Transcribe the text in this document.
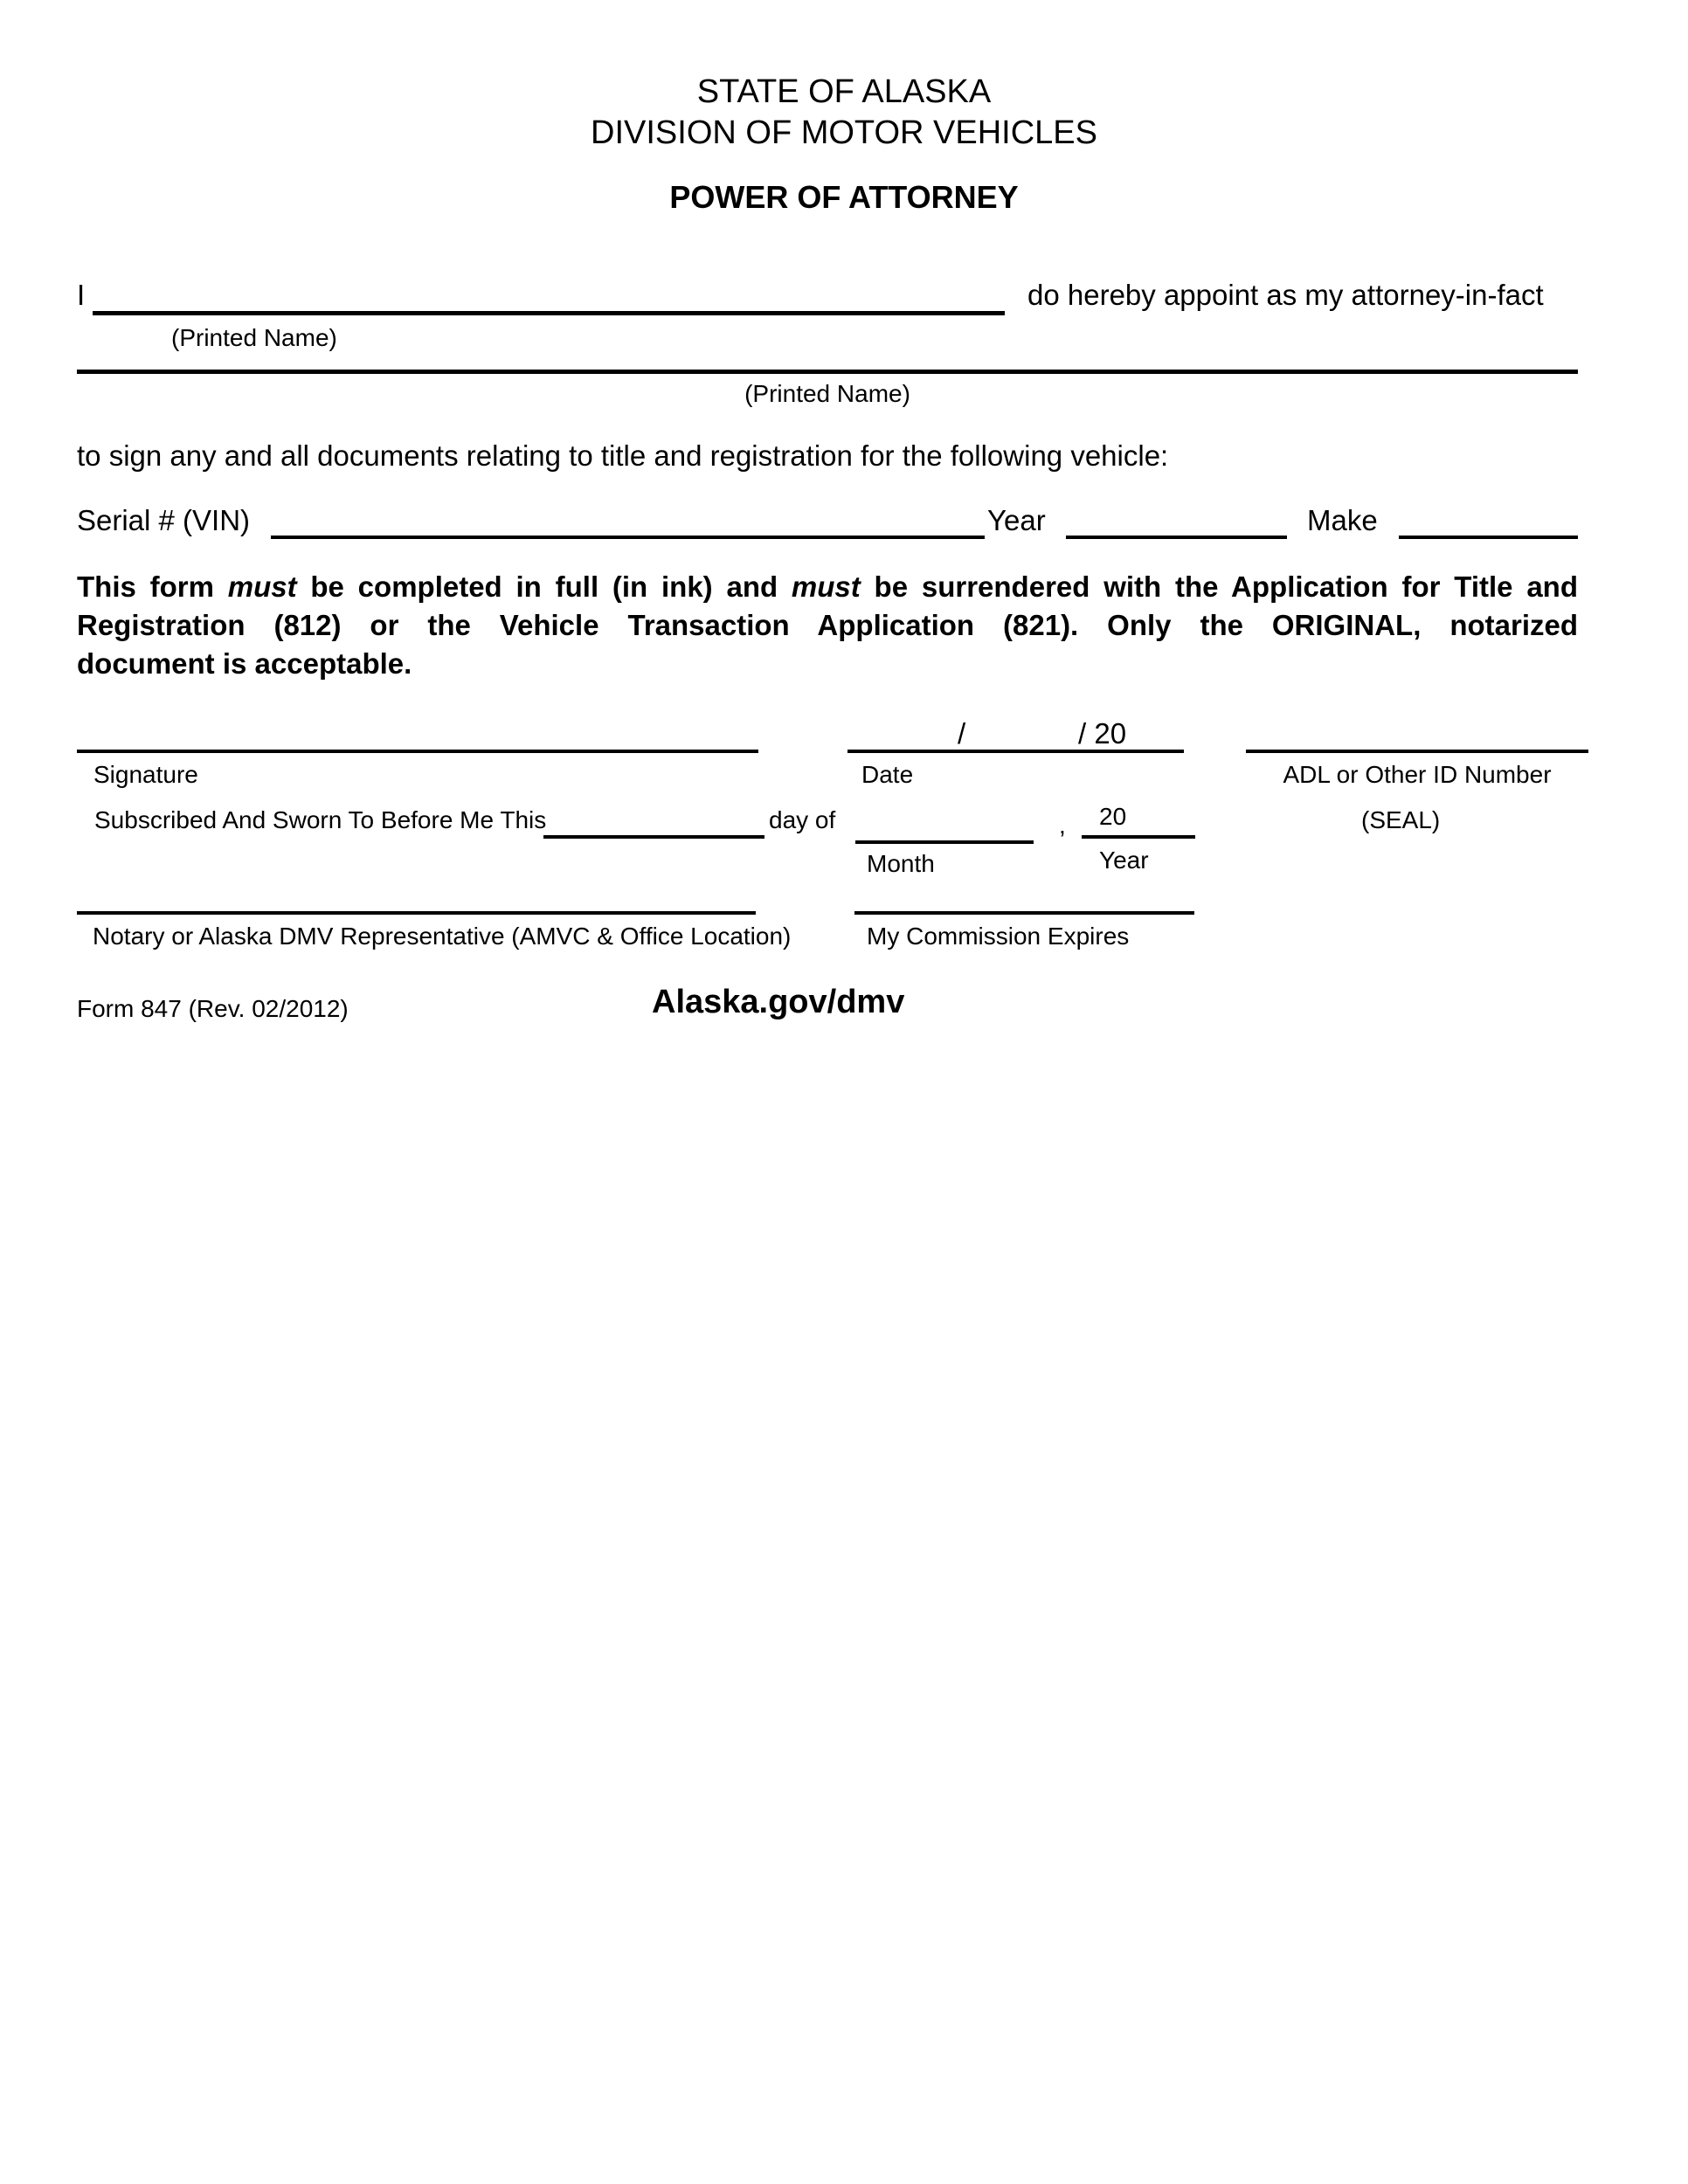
STATE OF ALASKA
DIVISION OF MOTOR VEHICLES
POWER OF ATTORNEY
I	do hereby appoint as my attorney-in-fact
(Printed Name)
(Printed Name)
to sign any and all documents relating to title and registration for the following vehicle:
Serial # (VIN)	Year	Make
This form must be completed in full (in ink) and must be surrendered with the Application for Title and
Registration (812) or the Vehicle Transaction Application (821). Only the ORIGINAL, notarized
document is acceptable.
Signature
/	/ 20
Date	ADL or Other ID Number
Subscribed And Sworn To Before Me This	day of
Month
, 20
Year
(SEAL)
Notary or Alaska DMV Representative (AMVC & Office Location)	My Commission Expires
Form 847 (Rev. 02/2012)	Alaska.gov/dmv
